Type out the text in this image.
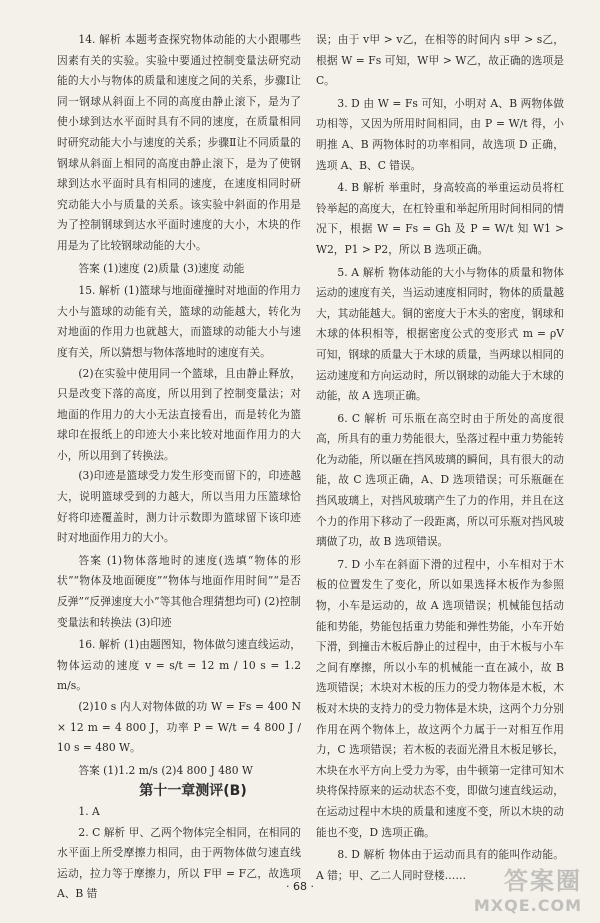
14. 解析 本题考查探究物体动能的大小跟哪些因素有关的实验。实验中要通过控制变量法研究动能的大小与物体的质量和速度之间的关系，步骤Ⅰ让同一钢球从斜面上不同的高度由静止滚下，是为了使小球到达水平面时具有不同的速度，在质量相同时研究动能大小与速度的关系；步骤Ⅱ让不同质量的钢球从斜面上相同的高度由静止滚下，是为了使钢球到达水平面时具有相同的速度，在速度相同时研究动能大小与质量的关系。该实验中斜面的作用是为了控制钢球到达水平面时速度的大小，木块的作用是为了比较钢球动能的大小。

答案 (1)速度 (2)质量 (3)速度 动能

15. 解析 (1)篮球与地面碰撞时对地面的作用力大小与篮球的动能有关，篮球的动能越大，转化为对地面的作用力也就越大，而篮球的动能大小与速度有关，所以猜想与物体落地时的速度有关。

(2)在实验中使用同一个篮球，且由静止释放，只是改变下落的高度，所以用到了控制变量法；对地面的作用力的大小无法直接看出，而是转化为篮球印在报纸上的印迹大小来比较对地面作用力的大小，所以用到了转换法。

(3)印迹是篮球受力发生形变而留下的，印迹越大，说明篮球受到的力越大，所以当用力压篮球恰好将印迹覆盖时，测力计示数即为篮球留下该印迹时对地面作用力的大小。

答案 (1)物体落地时的速度(选填“物体的形状”“物体及地面硬度”“物体与地面作用时间”“是否反弹”“反弹速度大小”等其他合理猜想均可) (2)控制变量法和转换法 (3)印迹

16. 解析 (1)由题图知，物体做匀速直线运动，物体运动的速度 v = s/t = 12 m / 10 s = 1.2 m/s。

(2)10 s 内人对物体做的功 W = Fs = 400 N × 12 m = 4 800 J，功率 P = W/t = 4 800 J / 10 s = 480 W。

答案 (1)1.2 m/s (2)4 800 J 480 W

第十一章测评(B)

1. A

2. C 解析 甲、乙两个物体完全相同，在相同的水平面上所受摩擦力相同，由于两物体做匀速直线运动，拉力等于摩擦力，所以 F甲 = F乙，故选项 A、B 错

误；由于 v甲 > v乙，在相等的时间内 s甲 > s乙，根据 W = Fs 可知，W甲 > W乙，故正确的选项是 C。

3. D 由 W = Fs 可知，小明对 A、B 两物体做功相等，又因为所用时间相同，由 P = W/t 得，小明推 A、B 两物体时的功率相同，故选项 D 正确，选项 A、B、C 错误。

4. B 解析 举重时，身高较高的举重运动员将杠铃举起的高度大，在杠铃重和举起所用时间相同的情况下，根据 W = Fs = Gh 及 P = W/t 知 W1 > W2，P1 > P2，所以 B 选项正确。

5. A 解析 物体动能的大小与物体的质量和物体运动的速度有关，当运动速度相同时，物体的质量越大，其动能越大。铜的密度大于木头的密度，钢球和木球的体积相等，根据密度公式的变形式 m = ρV 可知，钢球的质量大于木球的质量，当两球以相同的运动速度和方向运动时，所以钢球的动能大于木球的动能，故 A 选项正确。

6. C 解析 可乐瓶在高空时由于所处的高度很高，所具有的重力势能很大，坠落过程中重力势能转化为动能，所以砸在挡风玻璃的瞬间，具有很大的动能，故 C 选项正确，A、D 选项错误；可乐瓶砸在挡风玻璃上，对挡风玻璃产生了力的作用，并且在这个力的作用下移动了一段距离，所以可乐瓶对挡风玻璃做了功，故 B 选项错误。

7. D 小车在斜面下滑的过程中，小车相对于木板的位置发生了变化，所以如果选择木板作为参照物，小车是运动的，故 A 选项错误；机械能包括动能和势能，势能包括重力势能和弹性势能，小车开始下滑，到撞击木板后静止的过程中，由于木板与小车之间有摩擦，所以小车的机械能一直在减小，故 B 选项错误；木块对木板的压力的受力物体是木板，木板对木块的支持力的受力物体是木块，这两个力分别作用在两个物体上，故这两个力属于一对相互作用力，C 选项错误；若木板的表面光滑且木板足够长，木块在水平方向上受力为零，由牛顿第一定律可知木块将保持原来的运动状态不变，即做匀速直线运动，在运动过程中木块的质量和速度不变，所以木块的动能也不变，D 选项正确。

8. D 解析 物体由于运动而具有的能叫作动能。A 错；甲、乙二人同时登楼……

· 68 ·	答案圈
MXQE.COM
